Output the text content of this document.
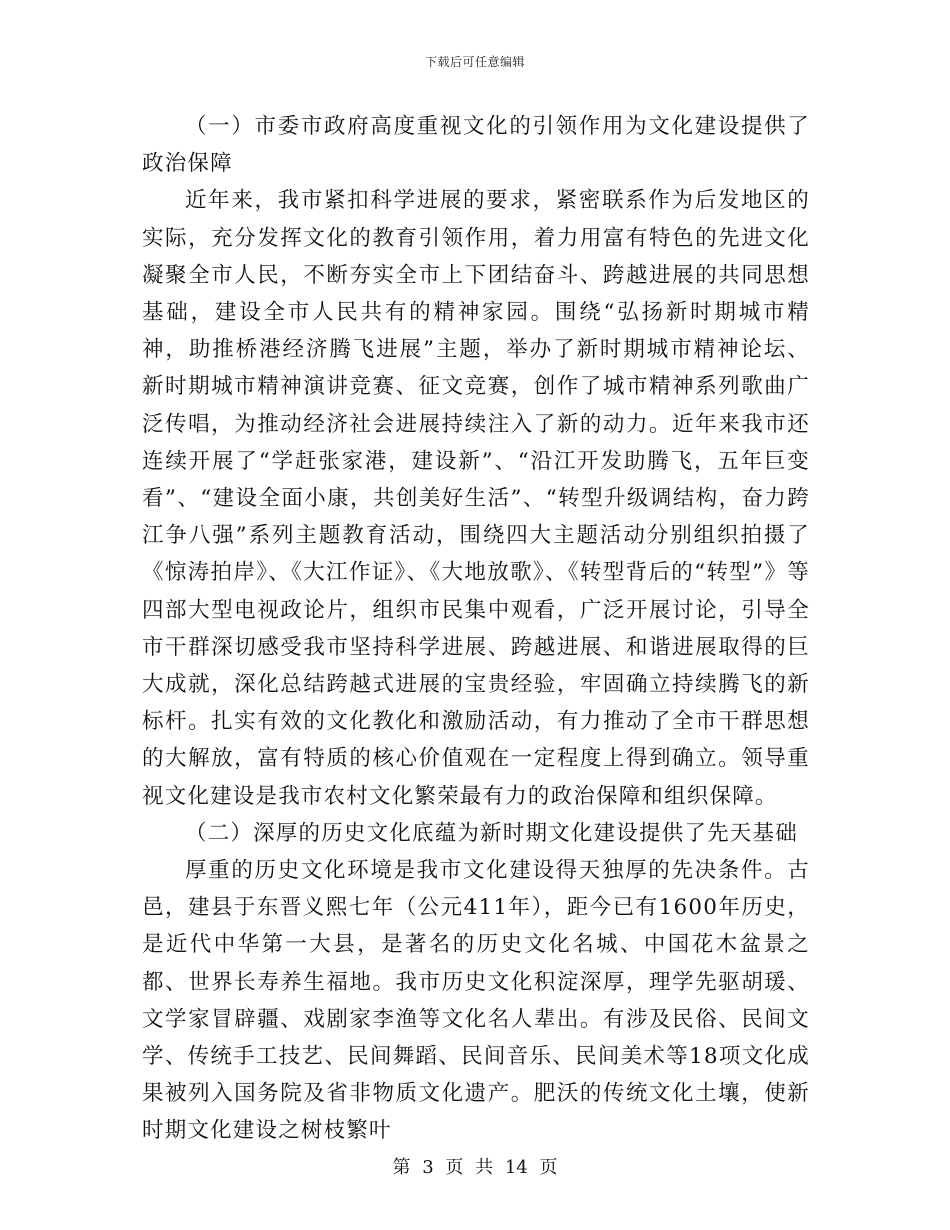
下载后可任意编辑

（一）市委市政府高度重视文化的引领作用为文化建设提供了政治保障

近年来，我市紧扣科学进展的要求，紧密联系作为后发地区的实际，充分发挥文化的教育引领作用，着力用富有特色的先进文化凝聚全市人民，不断夯实全市上下团结奋斗、跨越进展的共同思想基础，建设全市人民共有的精神家园。围绕“弘扬新时期城市精神，助推桥港经济腾飞进展”主题，举办了新时期城市精神论坛、新时期城市精神演讲竞赛、征文竞赛，创作了城市精神系列歌曲广泛传唱，为推动经济社会进展持续注入了新的动力。近年来我市还连续开展了“学赶张家港，建设新”、“沿江开发助腾飞，五年巨变看”、“建设全面小康，共创美好生活”、“转型升级调结构，奋力跨江争八强”系列主题教育活动，围绕四大主题活动分别组织拍摄了《惊涛拍岸》、《大江作证》、《大地放歌》、《转型背后的“转型”》等四部大型电视政论片，组织市民集中观看，广泛开展讨论，引导全市干群深切感受我市坚持科学进展、跨越进展、和谐进展取得的巨大成就，深化总结跨越式进展的宝贵经验，牢固确立持续腾飞的新标杆。扎实有效的文化教化和激励活动，有力推动了全市干群思想的大解放，富有特质的核心价值观在一定程度上得到确立。领导重视文化建设是我市农村文化繁荣最有力的政治保障和组织保障。

（二）深厚的历史文化底蕴为新时期文化建设提供了先天基础

厚重的历史文化环境是我市文化建设得天独厚的先决条件。古邑，建县于东晋义熙七年（公元411年），距今已有1600年历史，是近代中华第一大县，是著名的历史文化名城、中国花木盆景之都、世界长寿养生福地。我市历史文化积淀深厚，理学先驱胡瑗、文学家冒辟疆、戏剧家李渔等文化名人辈出。有涉及民俗、民间文学、传统手工技艺、民间舞蹈、民间音乐、民间美术等18项文化成果被列入国务院及省非物质文化遗产。肥沃的传统文化土壤，使新时期文化建设之树枝繁叶

第 3 页 共 14 页
